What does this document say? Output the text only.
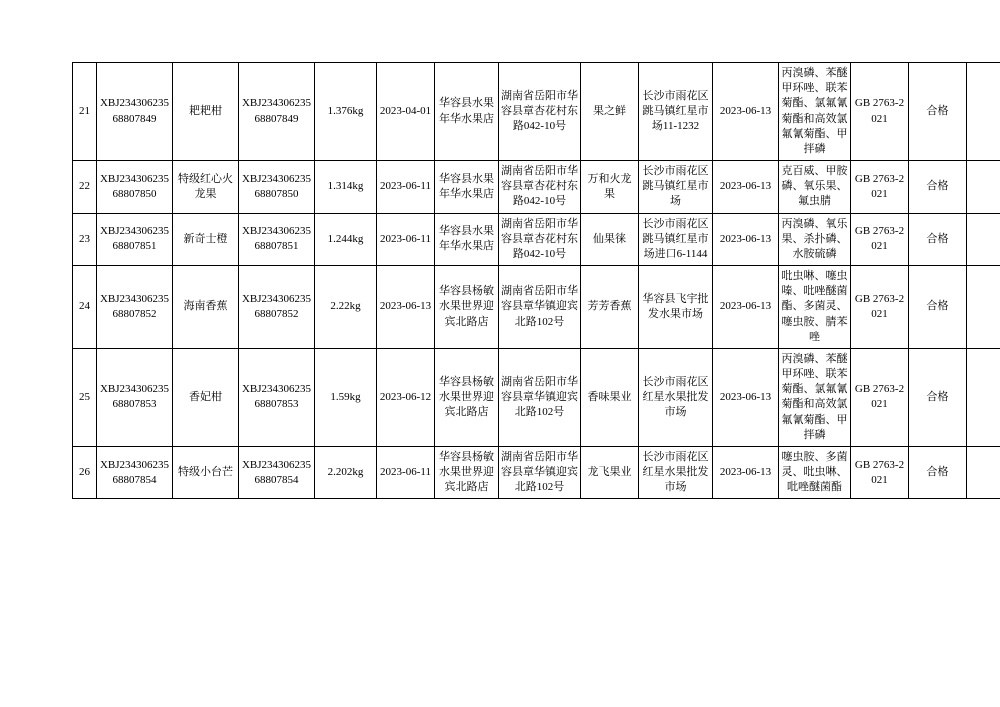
21	XBJ23430623568807849	耙耙柑	XBJ23430623568807849	1.376kg	2023-04-01	华容县水果年华水果店	湖南省岳阳市华容县章杏花村东路042-10号	果之鲜	长沙市雨花区跳马镇红星市场11-1232	2023-06-13	丙溴磷、苯醚甲环唑、联苯菊酯、氯氟氰菊酯和高效氯氟氰菊酯、甲拌磷	GB 2763-2021	合格	
22	XBJ23430623568807850	特级红心火龙果	XBJ23430623568807850	1.314kg	2023-06-11	华容县水果年华水果店	湖南省岳阳市华容县章杏花村东路042-10号	万和火龙果	长沙市雨花区跳马镇红星市场	2023-06-13	克百威、甲胺磷、氧乐果、氟虫腈	GB 2763-2021	合格	
23	XBJ23430623568807851	新奇士橙	XBJ23430623568807851	1.244kg	2023-06-11	华容县水果年华水果店	湖南省岳阳市华容县章杏花村东路042-10号	仙果徕	长沙市雨花区跳马镇红星市场进口6-1144	2023-06-13	丙溴磷、氧乐果、杀扑磷、水胺硫磷	GB 2763-2021	合格	
24	XBJ23430623568807852	海南香蕉	XBJ23430623568807852	2.22kg	2023-06-13	华容县杨敏水果世界迎宾北路店	湖南省岳阳市华容县章华镇迎宾北路102号	芳芳香蕉	华容县飞宇批发水果市场	2023-06-13	吡虫啉、噻虫嗪、吡唑醚菌酯、多菌灵、噻虫胺、腈苯唑	GB 2763-2021	合格	
25	XBJ23430623568807853	香妃柑	XBJ23430623568807853	1.59kg	2023-06-12	华容县杨敏水果世界迎宾北路店	湖南省岳阳市华容县章华镇迎宾北路102号	香味果业	长沙市雨花区红星水果批发市场	2023-06-13	丙溴磷、苯醚甲环唑、联苯菊酯、氯氟氰菊酯和高效氯氟氰菊酯、甲拌磷	GB 2763-2021	合格	
26	XBJ23430623568807854	特级小台芒	XBJ23430623568807854	2.202kg	2023-06-11	华容县杨敏水果世界迎宾北路店	湖南省岳阳市华容县章华镇迎宾北路102号	龙飞果业	长沙市雨花区红星水果批发市场	2023-06-13	噻虫胺、多菌灵、吡虫啉、吡唑醚菌酯	GB 2763-2021	合格	
